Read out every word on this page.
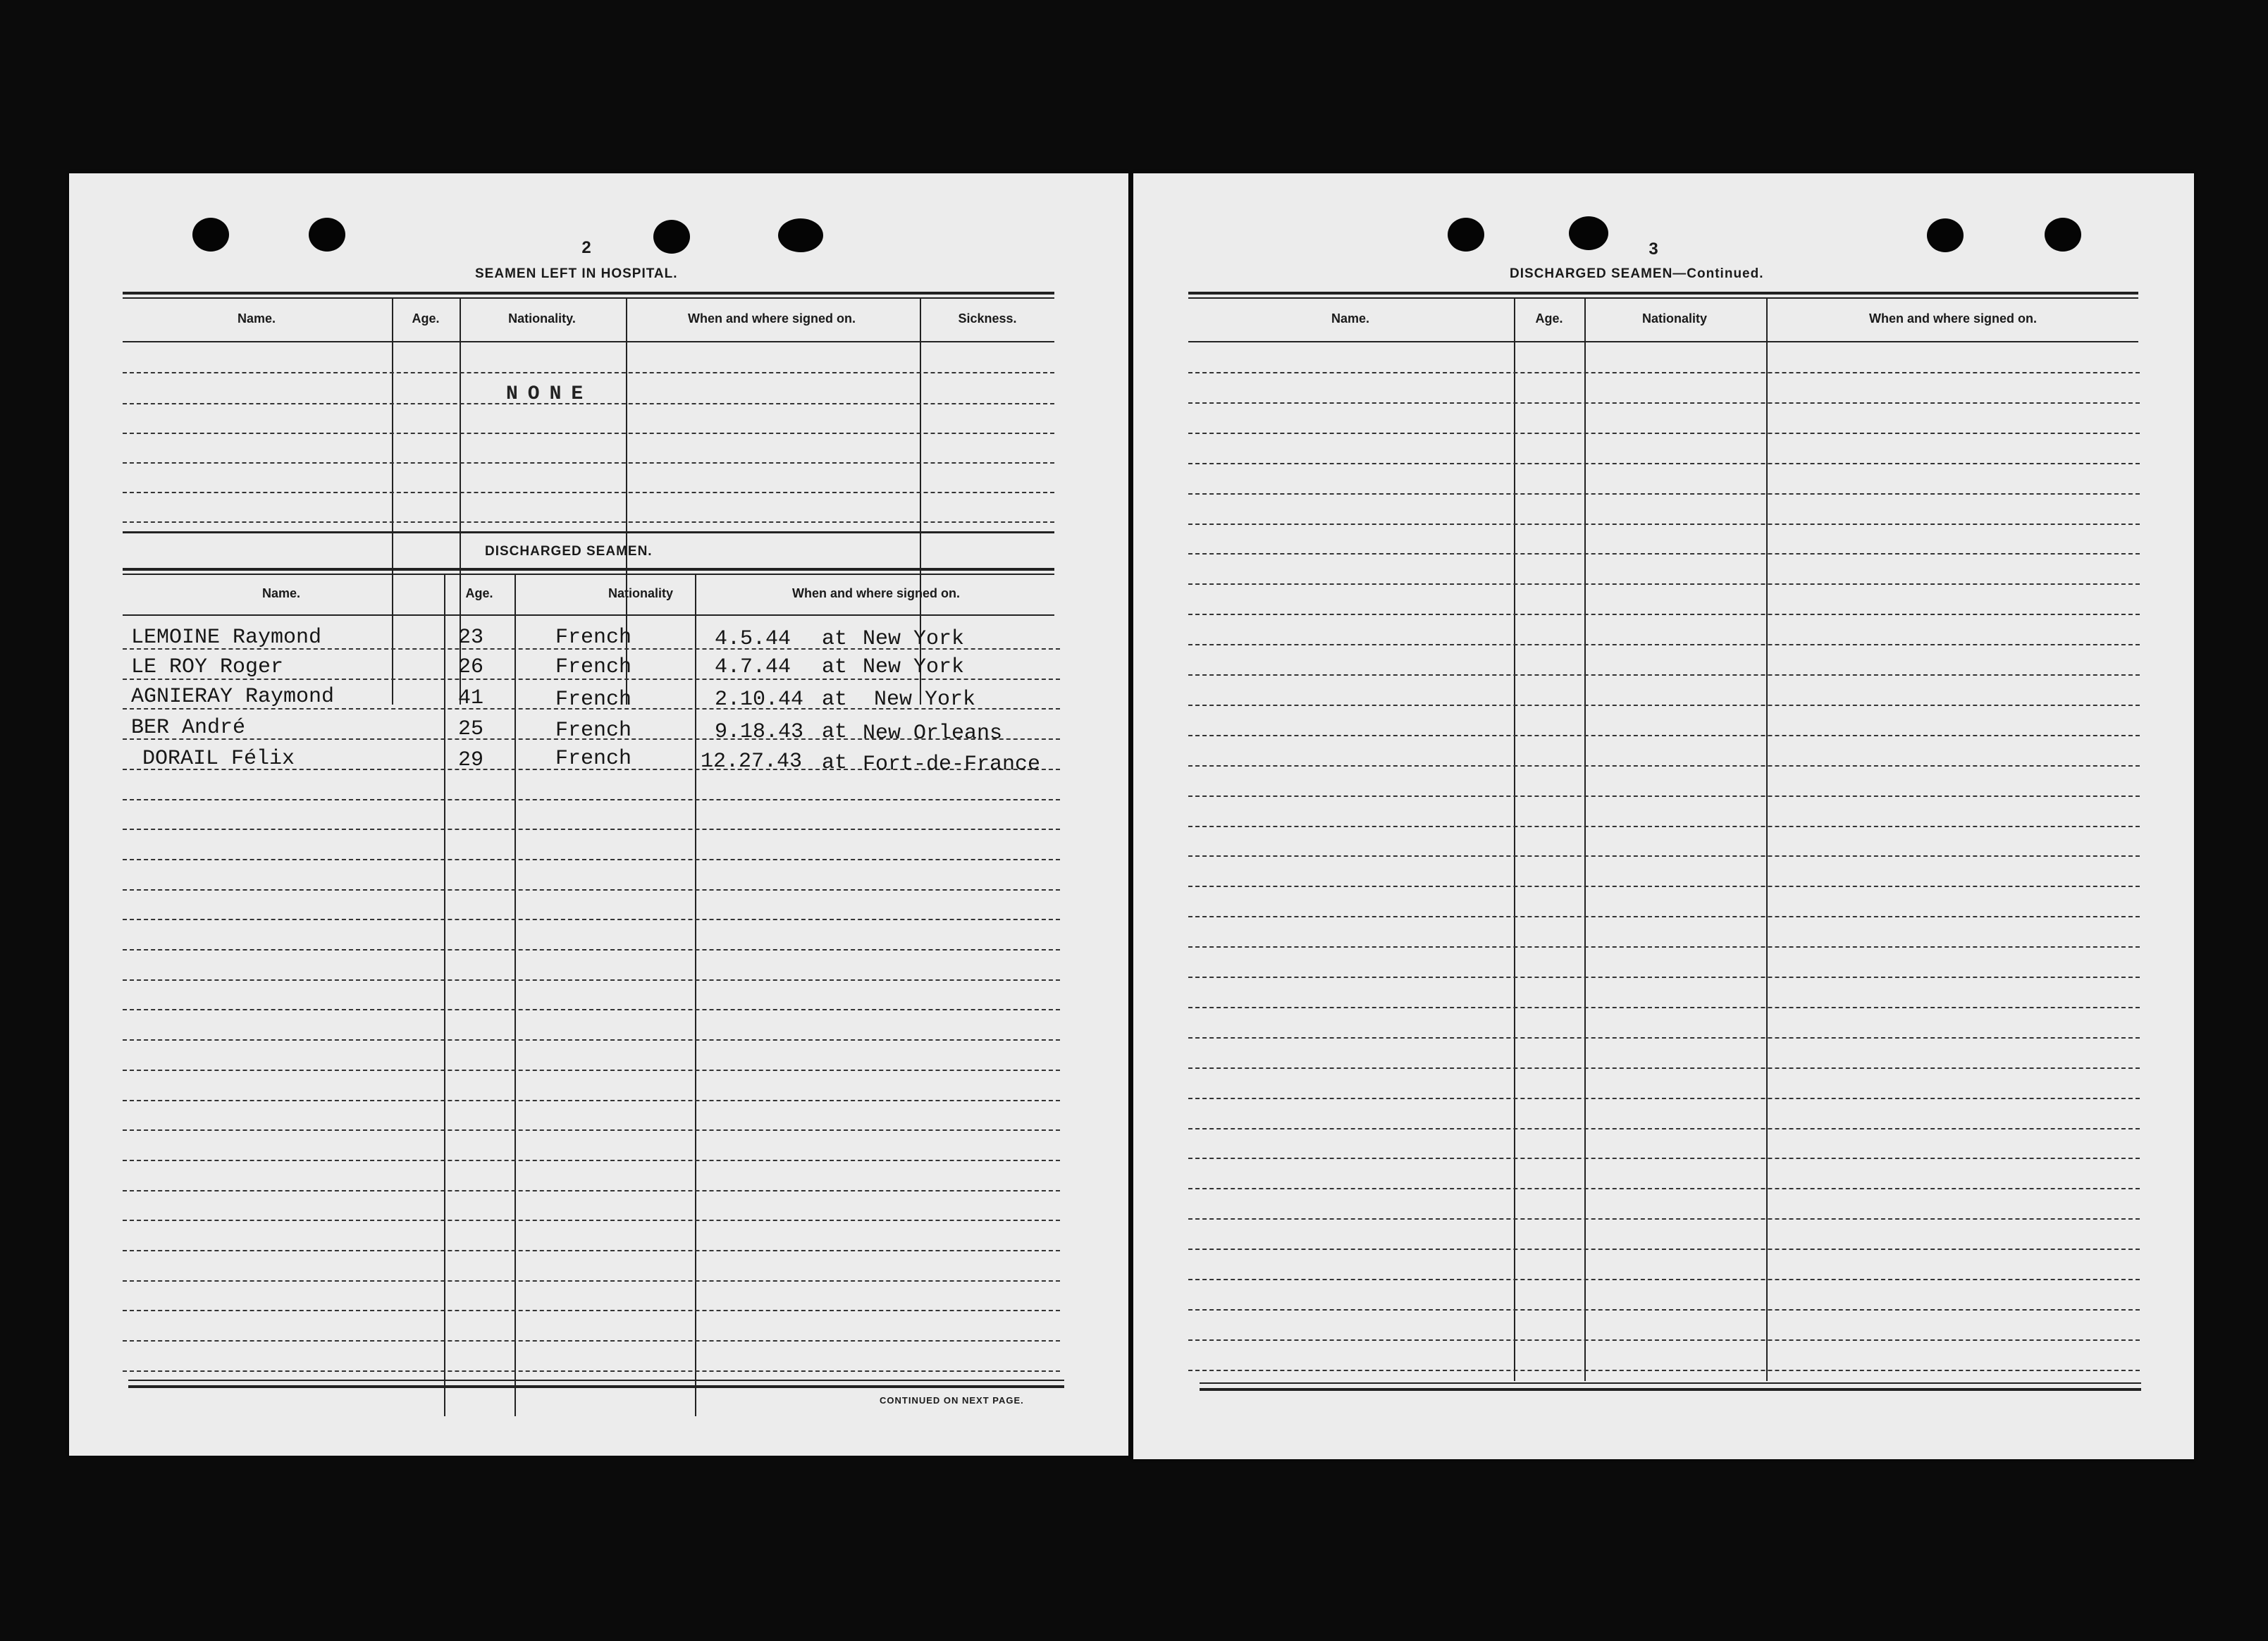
2
SEAMEN LEFT IN HOSPITAL.
Name.	Age.	Nationality.	When and where signed on.	Sickness.
NONE
DISCHARGED SEAMEN.
Name.	Age.	Nationality	When and where signed on.
LEMOINE Raymond	23	French	4.5.44 at New York
LE ROY Roger	26	French	4.7.44 at New York
AGNIERAY Raymond	41	French	2.10.44 at New York
BER André	25	French	9.18.43 at New Orleans
DORAIL Félix	29	French	12.27.43 at Fort-de-France
CONTINUED ON NEXT PAGE.
3
DISCHARGED SEAMEN—Continued.
Name.	Age.	Nationality	When and where signed on.
